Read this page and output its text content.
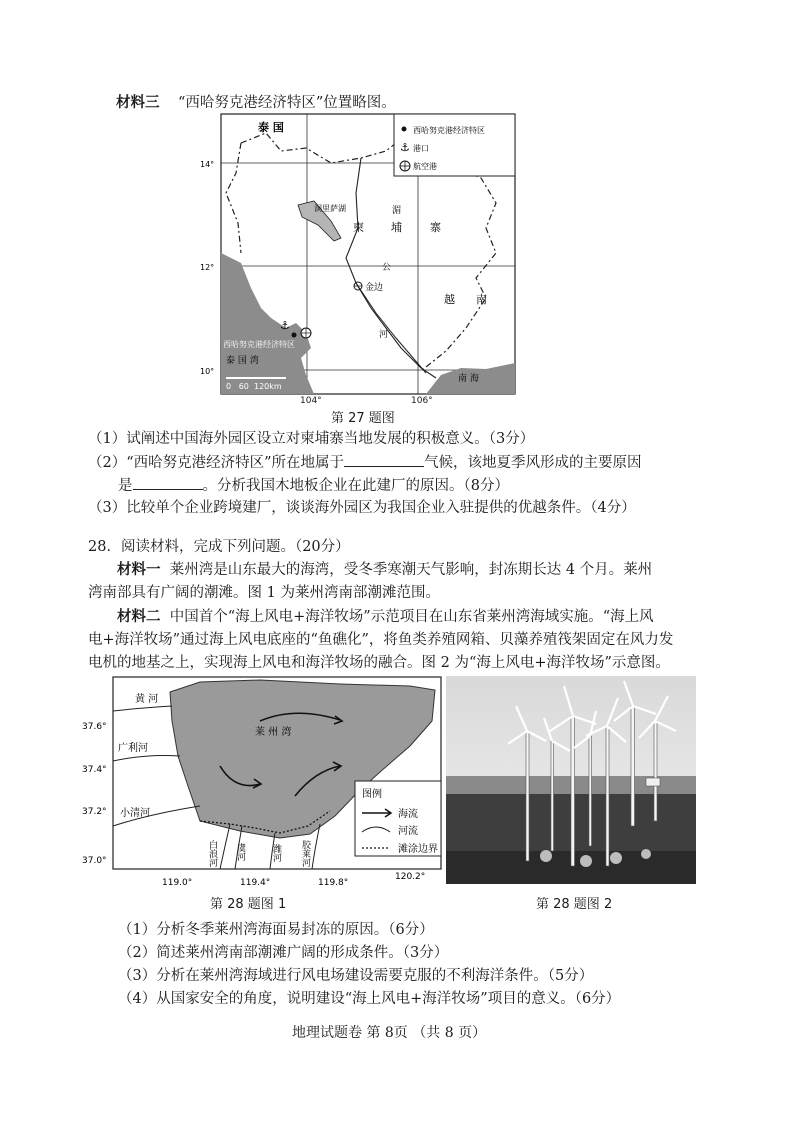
材料三 “西哈努克港经济特区”位置略图。
西哈努克港经济特区
⚓ 港口
航空港
泰 国
洞里萨湖
柬 埔	寨
越 南
湄
公
河
金边
⚓
西哈努克港经济特区
泰 国 湾
南 海
0   60  120km
14°
12°
10°
104°	106°
第 27 题图
（1）试阐述中国海外园区设立对柬埔寨当地发展的积极意义。（3分）
（2）“西哈努克港经济特区”所在地属于	气候，该地夏季风形成的主要原因
是	。分析我国木地板企业在此建厂的原因。（8分）
（3）比较单个企业跨境建厂，谈谈海外园区为我国企业入驻提供的优越条件。（4分）
28．阅读材料，完成下列问题。（20分）
材料一 莱州湾是山东最大的海湾，受冬季寒潮天气影响，封冻期长达 4 个月。莱州
湾南部具有广阔的潮滩。图 1 为莱州湾南部潮滩范围。
材料二 中国首个“海上风电+海洋牧场”示范项目在山东省莱州湾海域实施。“海上风
电+海洋牧场”通过海上风电底座的“鱼礁化”，将鱼类养殖网箱、贝藻养殖筏架固定在风力发
电机的地基之上，实现海上风电和海洋牧场的融合。图 2 为“海上风电+海洋牧场”示意图。
图例
海流
河流
滩涂边界
黄 河
广利河
小清河
莱 州 湾
白浪河 虞河	潍河 胶莱河
37.6°
37.4°
37.2°
37.0°
119.0°	119.4°	119.8°
120.2°
第 28 题图 1	第 28 题图 2
（1）分析冬季莱州湾海面易封冻的原因。（6分）
（2）简述莱州湾南部潮滩广阔的形成条件。（3分）
（3）分析在莱州湾海域进行风电场建设需要克服的不利海洋条件。（5分）
（4）从国家安全的角度，说明建设“海上风电+海洋牧场”项目的意义。（6分）
地理试题卷 第 8页 （共 8 页）
